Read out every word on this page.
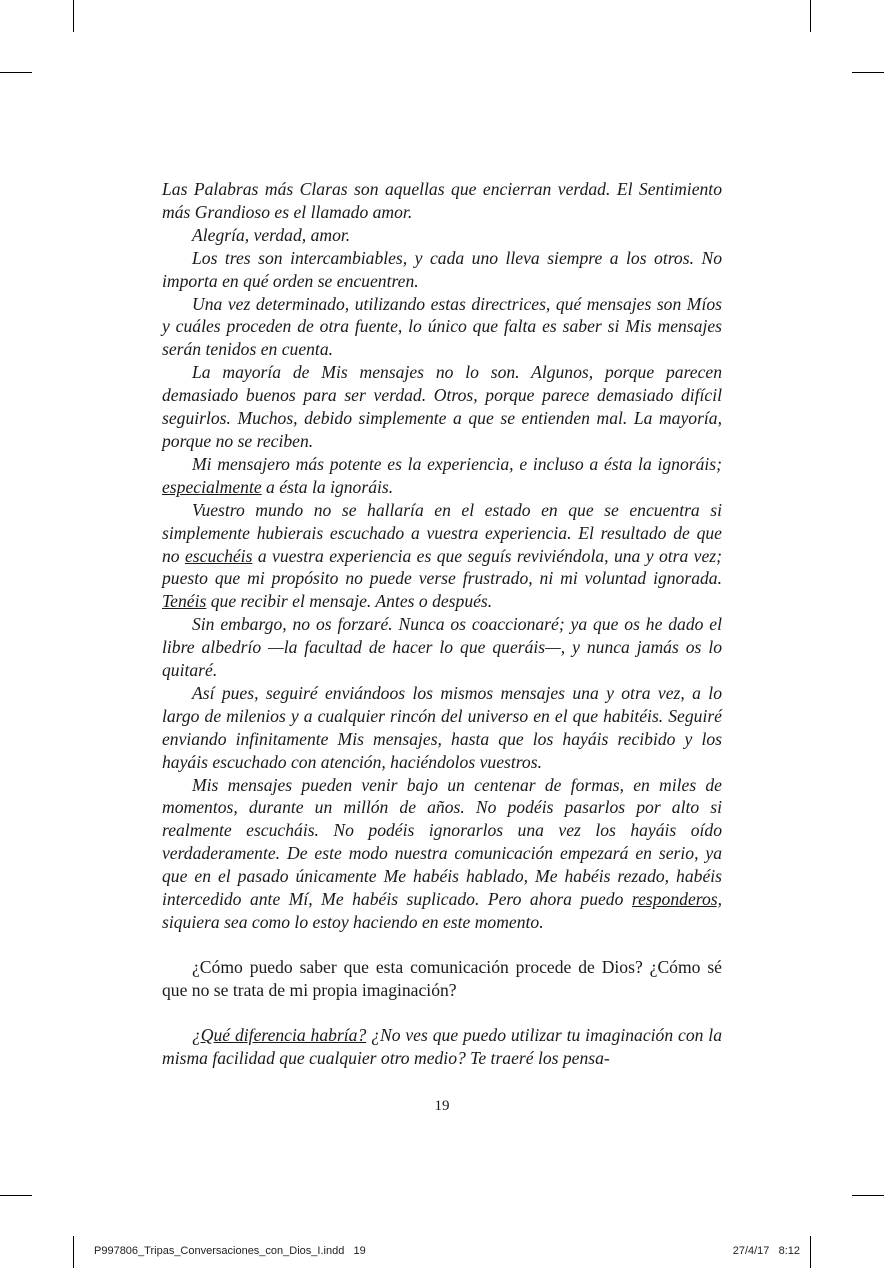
Las Palabras más Claras son aquellas que encierran verdad. El Sentimiento más Grandioso es el llamado amor.

Alegría, verdad, amor.

Los tres son intercambiables, y cada uno lleva siempre a los otros. No importa en qué orden se encuentren.

Una vez determinado, utilizando estas directrices, qué mensajes son Míos y cuáles proceden de otra fuente, lo único que falta es saber si Mis mensajes serán tenidos en cuenta.

La mayoría de Mis mensajes no lo son. Algunos, porque parecen demasiado buenos para ser verdad. Otros, porque parece demasiado difícil seguirlos. Muchos, debido simplemente a que se entienden mal. La mayoría, porque no se reciben.

Mi mensajero más potente es la experiencia, e incluso a ésta la ignoráis; especialmente a ésta la ignoráis.

Vuestro mundo no se hallaría en el estado en que se encuentra si simplemente hubierais escuchado a vuestra experiencia. El resultado de que no escuchéis a vuestra experiencia es que seguís reviviéndola, una y otra vez; puesto que mi propósito no puede verse frustrado, ni mi voluntad ignorada. Tenéis que recibir el mensaje. Antes o después.

Sin embargo, no os forzaré. Nunca os coaccionaré; ya que os he dado el libre albedrío —la facultad de hacer lo que queráis—, y nunca jamás os lo quitaré.

Así pues, seguiré enviándoos los mismos mensajes una y otra vez, a lo largo de milenios y a cualquier rincón del universo en el que habitéis. Seguiré enviando infinitamente Mis mensajes, hasta que los hayáis recibido y los hayáis escuchado con atención, haciéndolos vuestros.

Mis mensajes pueden venir bajo un centenar de formas, en miles de momentos, durante un millón de años. No podéis pasarlos por alto si realmente escucháis. No podéis ignorarlos una vez los hayáis oído verdaderamente. De este modo nuestra comunicación empezará en serio, ya que en el pasado únicamente Me habéis hablado, Me habéis rezado, habéis intercedido ante Mí, Me habéis suplicado. Pero ahora puedo responderos, siquiera sea como lo estoy haciendo en este momento.

¿Cómo puedo saber que esta comunicación procede de Dios? ¿Cómo sé que no se trata de mi propia imaginación?

¿Qué diferencia habría? ¿No ves que puedo utilizar tu imaginación con la misma facilidad que cualquier otro medio? Te traeré los pensa-

19
P997806_Tripas_Conversaciones_con_Dios_I.indd   19	27/4/17   8:12
